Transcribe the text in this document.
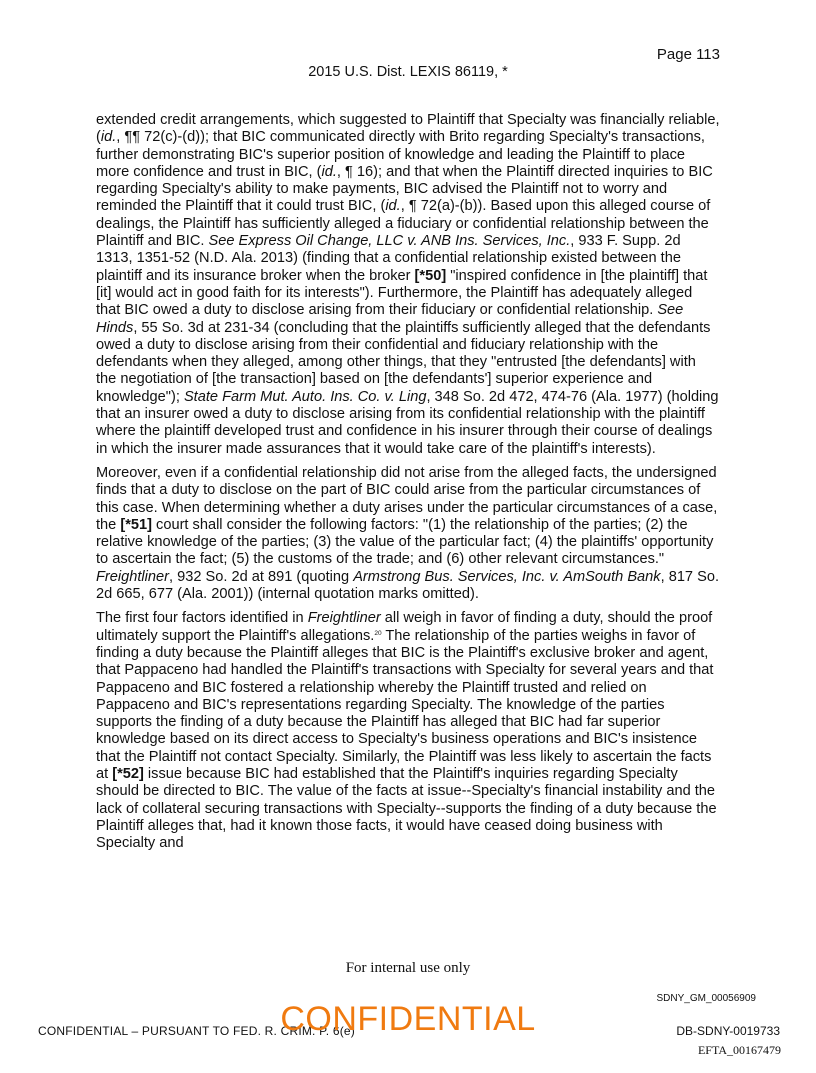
Page 113
2015 U.S. Dist. LEXIS 86119, *

extended credit arrangements, which suggested to Plaintiff that Specialty was financially reliable, (id., ¶¶ 72(c)-(d)); that BIC communicated directly with Brito regarding Specialty's transactions, further demonstrating BIC's superior position of knowledge and leading the Plaintiff to place more confidence and trust in BIC, (id., ¶ 16); and that when the Plaintiff directed inquiries to BIC regarding Specialty's ability to make payments, BIC advised the Plaintiff not to worry and reminded the Plaintiff that it could trust BIC, (id., ¶ 72(a)-(b)). Based upon this alleged course of dealings, the Plaintiff has sufficiently alleged a fiduciary or confidential relationship between the Plaintiff and BIC. See Express Oil Change, LLC v. ANB Ins. Services, Inc., 933 F. Supp. 2d 1313, 1351-52 (N.D. Ala. 2013) (finding that a confidential relationship existed between the plaintiff and its insurance broker when the broker [*50] "inspired confidence in [the plaintiff] that [it] would act in good faith for its interests"). Furthermore, the Plaintiff has adequately alleged that BIC owed a duty to disclose arising from their fiduciary or confidential relationship. See Hinds, 55 So. 3d at 231-34 (concluding that the plaintiffs sufficiently alleged that the defendants owed a duty to disclose arising from their confidential and fiduciary relationship with the defendants when they alleged, among other things, that they "entrusted [the defendants] with the negotiation of [the transaction] based on [the defendants'] superior experience and knowledge"); State Farm Mut. Auto. Ins. Co. v. Ling, 348 So. 2d 472, 474-76 (Ala. 1977) (holding that an insurer owed a duty to disclose arising from its confidential relationship with the plaintiff where the plaintiff developed trust and confidence in his insurer through their course of dealings in which the insurer made assurances that it would take care of the plaintiff's interests).

Moreover, even if a confidential relationship did not arise from the alleged facts, the undersigned finds that a duty to disclose on the part of BIC could arise from the particular circumstances of this case. When determining whether a duty arises under the particular circumstances of a case, the [*51] court shall consider the following factors: "(1) the relationship of the parties; (2) the relative knowledge of the parties; (3) the value of the particular fact; (4) the plaintiffs' opportunity to ascertain the fact; (5) the customs of the trade; and (6) other relevant circumstances." Freightliner, 932 So. 2d at 891 (quoting Armstrong Bus. Services, Inc. v. AmSouth Bank, 817 So. 2d 665, 677 (Ala. 2001)) (internal quotation marks omitted).

The first four factors identified in Freightliner all weigh in favor of finding a duty, should the proof ultimately support the Plaintiff's allegations.$^{20}$ The relationship of the parties weighs in favor of finding a duty because the Plaintiff alleges that BIC is the Plaintiff's exclusive broker and agent, that Pappaceno had handled the Plaintiff's transactions with Specialty for several years and that Pappaceno and BIC fostered a relationship whereby the Plaintiff trusted and relied on Pappaceno and BIC's representations regarding Specialty. The knowledge of the parties supports the finding of a duty because the Plaintiff has alleged that BIC had far superior knowledge based on its direct access to Specialty's business operations and BIC's insistence that the Plaintiff not contact Specialty. Similarly, the Plaintiff was less likely to ascertain the facts at [*52] issue because BIC had established that the Plaintiff's inquiries regarding Specialty should be directed to BIC. The value of the facts at issue--Specialty's financial instability and the lack of collateral securing transactions with Specialty--supports the finding of a duty because the Plaintiff alleges that, had it known those facts, it would have ceased doing business with Specialty and

For internal use only
SDNY_GM_00056909
CONFIDENTIAL – PURSUANT TO FED. R. CRIM. P. 6(e)
CONFIDENTIAL	DB-SDNY-0019733
EFTA_00167479
